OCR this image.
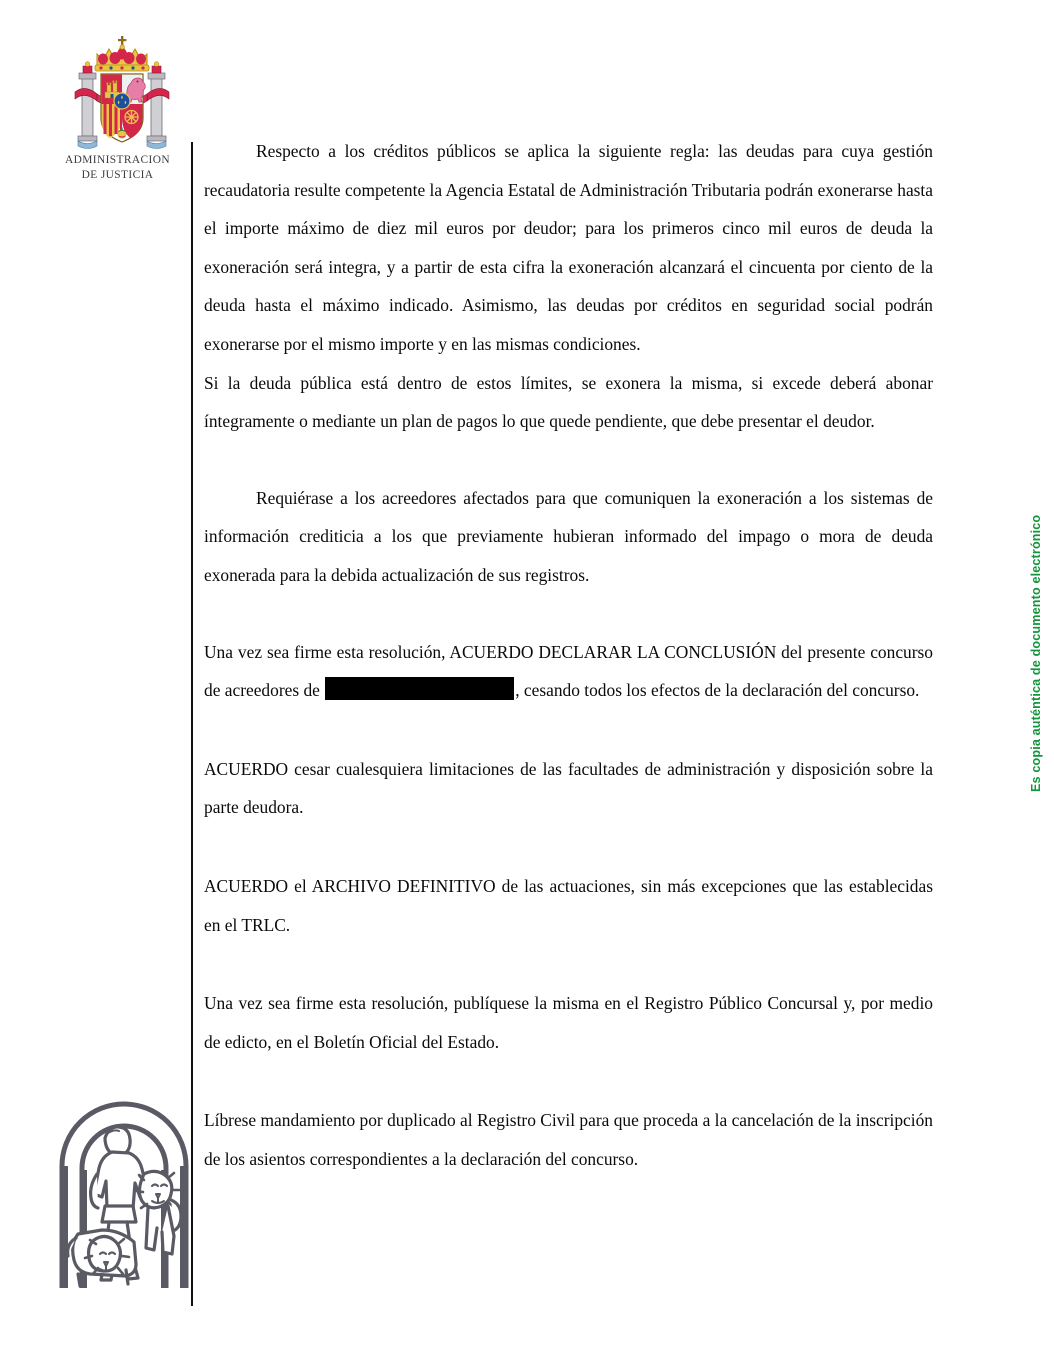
ADMINISTRACION
DE JUSTICIA

Respecto a los créditos públicos se aplica la siguiente regla: las deudas para cuya gestión recaudatoria resulte competente la Agencia Estatal de Administración Tributaria podrán exonerarse hasta el importe máximo de diez mil euros por deudor; para los primeros cinco mil euros de deuda la exoneración será integra, y a partir de esta cifra la exoneración alcanzará el cincuenta por ciento de la deuda hasta el máximo indicado. Asimismo, las deudas por créditos en seguridad social podrán exonerarse por el mismo importe y en las mismas condiciones.

Si la deuda pública está dentro de estos límites, se exonera la misma, si excede deberá abonar íntegramente o mediante un plan de pagos lo que quede pendiente, que debe presentar el deudor.

Requiérase a los acreedores afectados para que comuniquen la exoneración a los sistemas de información crediticia a los que previamente hubieran informado del impago o mora de deuda exonerada para la debida actualización de sus registros.

Una vez sea firme esta resolución, ACUERDO DECLARAR LA CONCLUSIÓN del presente concurso de acreedores de	, cesando todos los efectos de la declaración del concurso.

ACUERDO cesar cualesquiera limitaciones de las facultades de administración y disposición sobre la parte deudora.

ACUERDO el ARCHIVO DEFINITIVO de las actuaciones, sin más excepciones que las establecidas en el TRLC.

Una vez sea firme esta resolución, publíquese la misma en el Registro Público Concursal y, por medio de edicto, en el Boletín Oficial del Estado.

Líbrese mandamiento por duplicado al Registro Civil para que proceda a la cancelación de la inscripción de los asientos correspondientes a la declaración del concurso.

Es copia auténtica de documento electrónico
